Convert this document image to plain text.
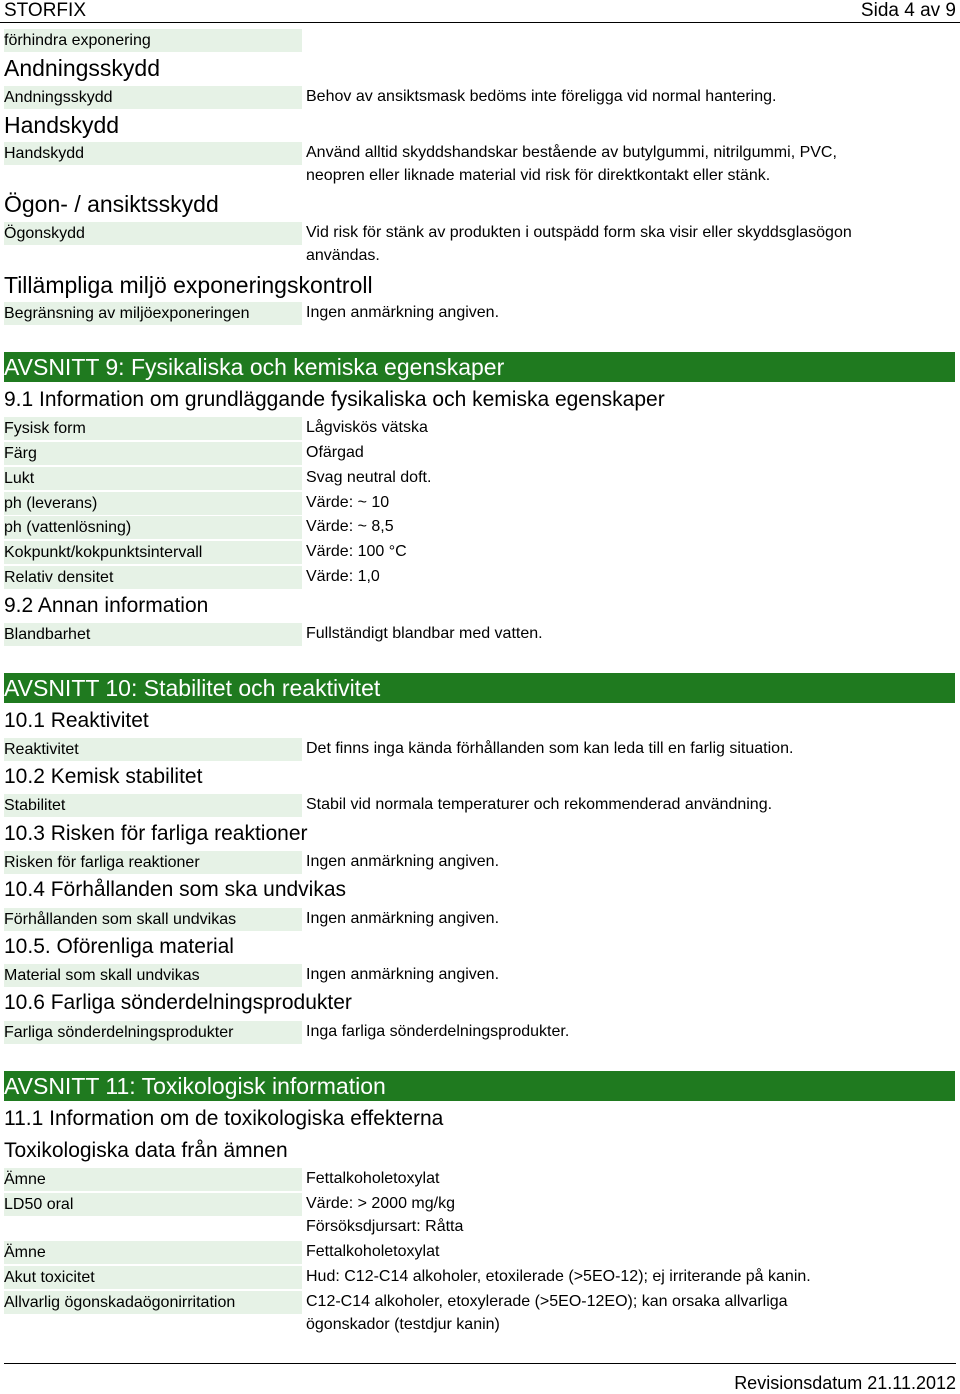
STORFIX	Sida 4 av 9
förhindra exponering
Andningsskydd
Andningsskydd	Behov av ansiktsmask bedöms inte föreligga vid normal hantering.
Handskydd
Handskydd	Använd alltid skyddshandskar bestående av butylgummi, nitrilgummi, PVC, neopren eller liknade material vid risk för direktkontakt eller stänk.
Ögon- / ansiktsskydd
Ögonskydd	Vid risk för stänk av produkten i outspädd form ska visir eller skyddsglasögon användas.
Tillämpliga miljö exponeringskontroll
Begränsning av miljöexponeringen	Ingen anmärkning angiven.
AVSNITT 9: Fysikaliska och kemiska egenskaper
9.1 Information om grundläggande fysikaliska och kemiska egenskaper
Fysisk form	Lågviskös vätska
Färg	Ofärgad
Lukt	Svag neutral doft.
ph (leverans)	Värde: ~ 10
ph (vattenlösning)	Värde: ~ 8,5
Kokpunkt/kokpunktsintervall	Värde: 100 °C
Relativ densitet	Värde: 1,0
9.2 Annan information
Blandbarhet	Fullständigt blandbar med vatten.
AVSNITT 10: Stabilitet och reaktivitet
10.1 Reaktivitet
Reaktivitet	Det finns inga kända förhållanden som kan leda till en farlig situation.
10.2 Kemisk stabilitet
Stabilitet	Stabil vid normala temperaturer och rekommenderad användning.
10.3 Risken för farliga reaktioner
Risken för farliga reaktioner	Ingen anmärkning angiven.
10.4 Förhållanden som ska undvikas
Förhållanden som skall undvikas	Ingen anmärkning angiven.
10.5. Oförenliga material
Material som skall undvikas	Ingen anmärkning angiven.
10.6 Farliga sönderdelningsprodukter
Farliga sönderdelningsprodukter	Inga farliga sönderdelningsprodukter.
AVSNITT 11: Toxikologisk information
11.1 Information om de toxikologiska effekterna
Toxikologiska data från ämnen
Ämne	Fettalkoholetoxylat
LD50 oral	Värde: > 2000 mg/kg
Försöksdjursart: Råtta
Ämne	Fettalkoholetoxylat
Akut toxicitet	Hud: C12-C14 alkoholer, etoxilerade (>5EO-12); ej irriterande på kanin.
Allvarlig ögonskadaögonirritation	C12-C14 alkoholer, etoxylerade (>5EO-12EO); kan orsaka allvarliga ögonskador (testdjur kanin)
Revisionsdatum 21.11.2012
